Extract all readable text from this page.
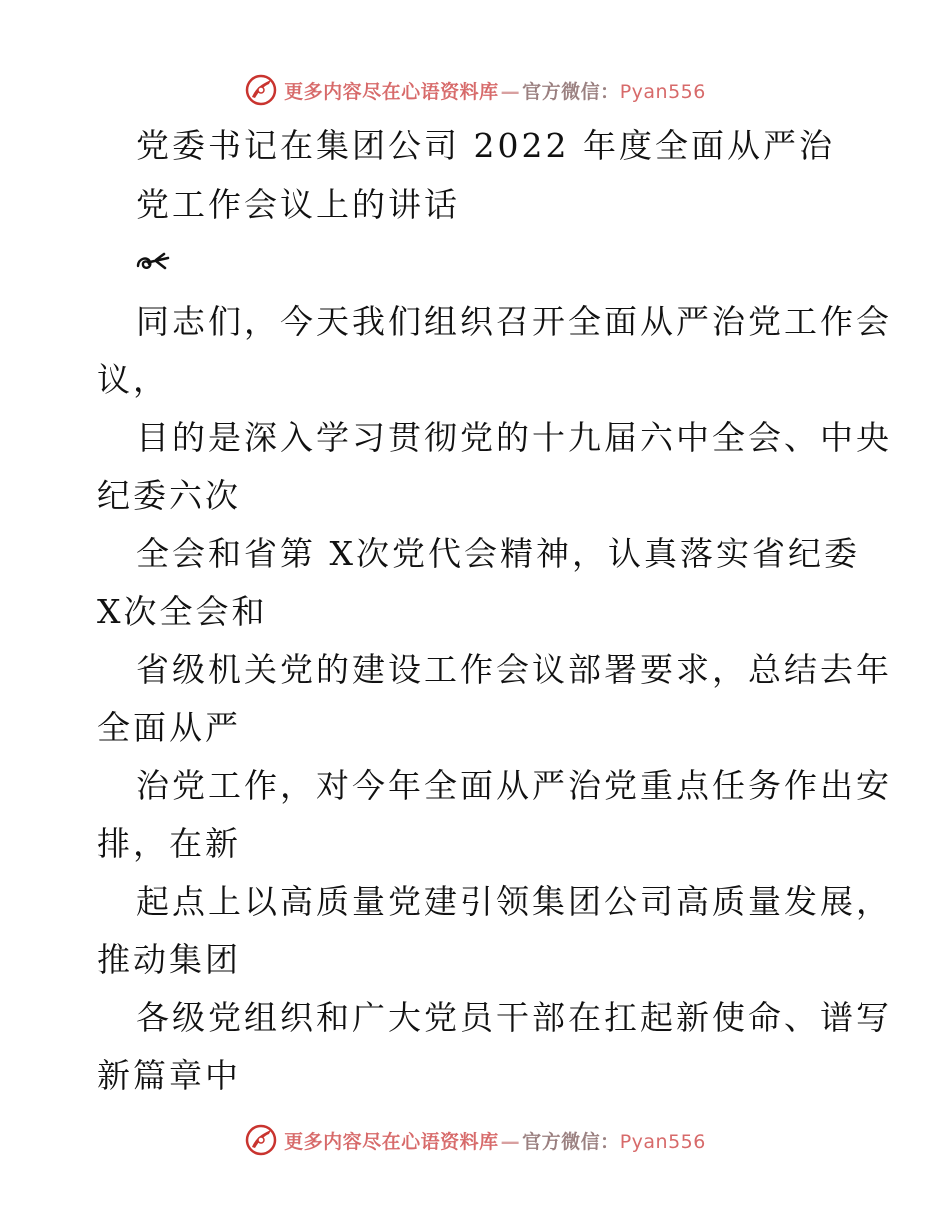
更多内容尽在心语资料库 — 官方微信：Pyan556
党委书记在集团公司 2022 年度全面从严治
党工作会议上的讲话
同志们，今天我们组织召开全面从严治党工作会
议，
目的是深入学习贯彻党的十九届六中全会、中央
纪委六次
全会和省第 X次党代会精神，认真落实省纪委
X次全会和
省级机关党的建设工作会议部署要求，总结去年
全面从严
治党工作，对今年全面从严治党重点任务作出安
排，在新
起点上以高质量党建引领集团公司高质量发展，
推动集团
各级党组织和广大党员干部在扛起新使命、谱写
新篇章中
更多内容尽在心语资料库 — 官方微信：Pyan556
